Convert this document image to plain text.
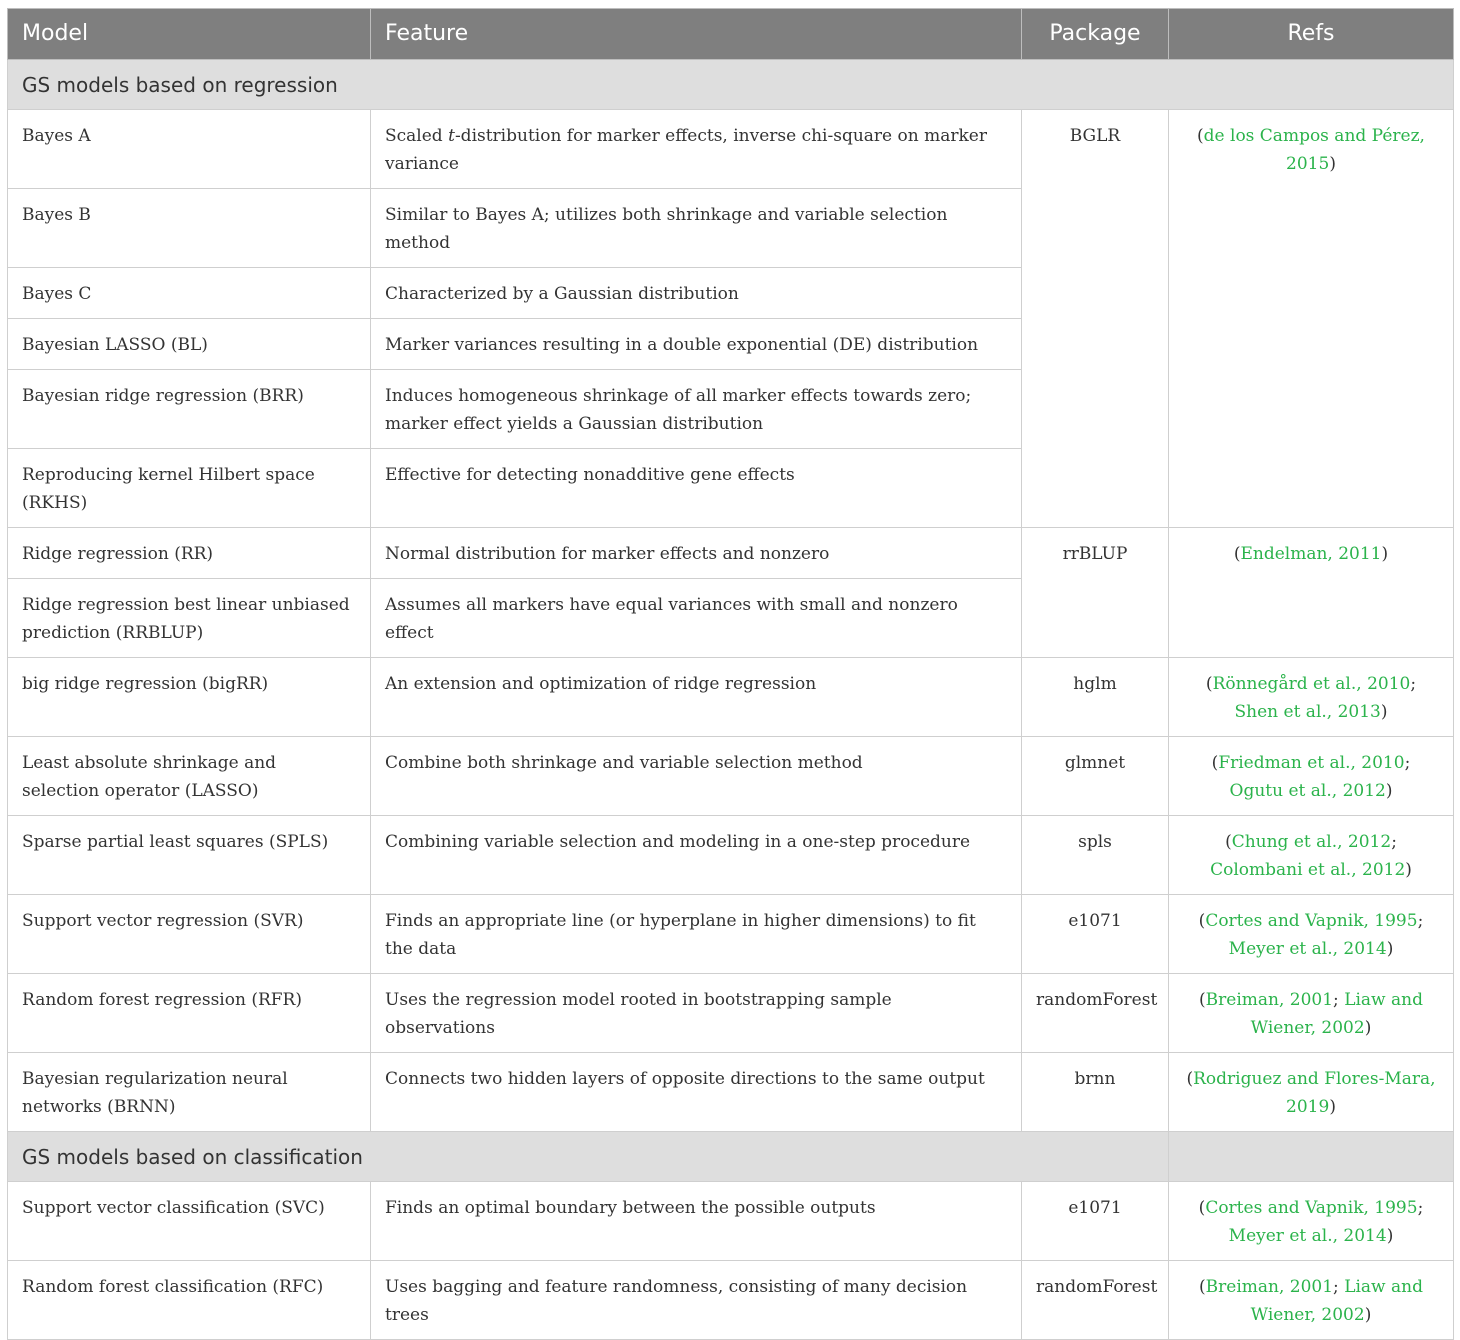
Model	Feature	Package	Refs
GS models based on regression			
Bayes A	Scaled t-distribution for marker effects, inverse chi-square on marker variance	BGLR	(de los Campos and Pérez, 2015)
Bayes B	Similar to Bayes A; utilizes both shrinkage and variable selection method		
Bayes C	Characterized by a Gaussian distribution		
Bayesian LASSO (BL)	Marker variances resulting in a double exponential (DE) distribution		
Bayesian ridge regression (BRR)	Induces homogeneous shrinkage of all marker effects towards zero; marker effect yields a Gaussian distribution		
Reproducing kernel Hilbert space (RKHS)	Effective for detecting nonadditive gene effects		
Ridge regression (RR)	Normal distribution for marker effects and nonzero	rrBLUP	(Endelman, 2011)
Ridge regression best linear unbiased prediction (RRBLUP)	Assumes all markers have equal variances with small and nonzero effect		
big ridge regression (bigRR)	An extension and optimization of ridge regression	hglm	(Rönnegård et al., 2010; Shen et al., 2013)
Least absolute shrinkage and selection operator (LASSO)	Combine both shrinkage and variable selection method	glmnet	(Friedman et al., 2010; Ogutu et al., 2012)
Sparse partial least squares (SPLS)	Combining variable selection and modeling in a one-step procedure	spls	(Chung et al., 2012; Colombani et al., 2012)
Support vector regression (SVR)	Finds an appropriate line (or hyperplane in higher dimensions) to fit the data	e1071	(Cortes and Vapnik, 1995; Meyer et al., 2014)
Random forest regression (RFR)	Uses the regression model rooted in bootstrapping sample observations	randomForest	(Breiman, 2001; Liaw and Wiener, 2002)
Bayesian regularization neural networks (BRNN)	Connects two hidden layers of opposite directions to the same output	brnn	(Rodriguez and Flores-Mara, 2019)
GS models based on classification			
Support vector classification (SVC)	Finds an optimal boundary between the possible outputs	e1071	(Cortes and Vapnik, 1995; Meyer et al., 2014)
Random forest classification (RFC)	Uses bagging and feature randomness, consisting of many decision trees	randomForest	(Breiman, 2001; Liaw and Wiener, 2002)
